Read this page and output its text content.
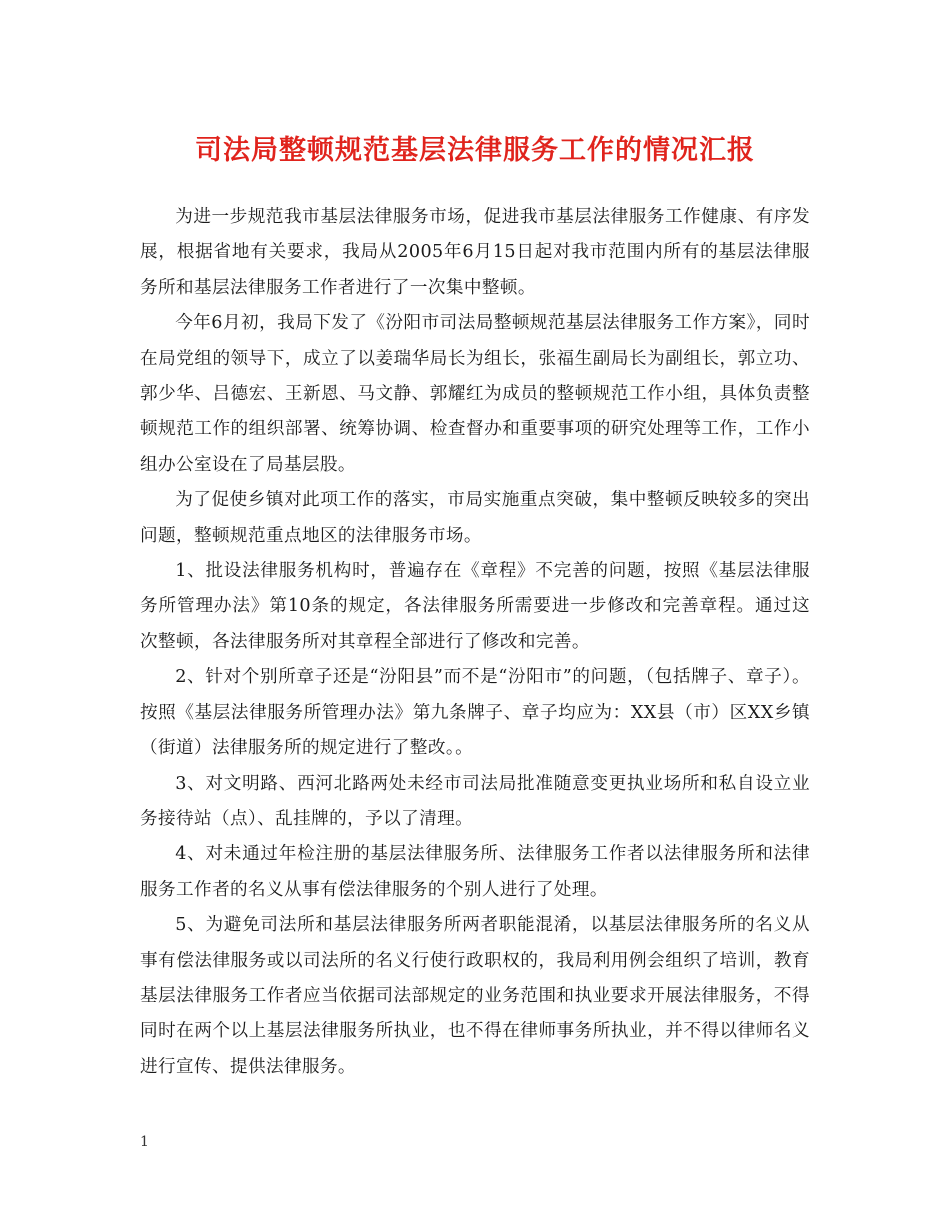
司法局整顿规范基层法律服务工作的情况汇报

为进一步规范我市基层法律服务市场，促进我市基层法律服务工作健康、有序发展，根据省地有关要求，我局从2005年6月15日起对我市范围内所有的基层法律服务所和基层法律服务工作者进行了一次集中整顿。

今年6月初，我局下发了《汾阳市司法局整顿规范基层法律服务工作方案》，同时在局党组的领导下，成立了以姜瑞华局长为组长，张福生副局长为副组长，郭立功、郭少华、吕德宏、王新恩、马文静、郭耀红为成员的整顿规范工作小组，具体负责整顿规范工作的组织部署、统筹协调、检查督办和重要事项的研究处理等工作，工作小组办公室设在了局基层股。

为了促使乡镇对此项工作的落实，市局实施重点突破，集中整顿反映较多的突出问题，整顿规范重点地区的法律服务市场。

1、批设法律服务机构时，普遍存在《章程》不完善的问题，按照《基层法律服务所管理办法》第10条的规定，各法律服务所需要进一步修改和完善章程。通过这次整顿，各法律服务所对其章程全部进行了修改和完善。

2、针对个别所章子还是“汾阳县”而不是“汾阳市”的问题，（包括牌子、章子）。按照《基层法律服务所管理办法》第九条牌子、章子均应为：XX县（市）区XX乡镇（街道）法律服务所的规定进行了整改。。

3、对文明路、西河北路两处未经市司法局批准随意变更执业场所和私自设立业务接待站（点）、乱挂牌的，予以了清理。

4、对未通过年检注册的基层法律服务所、法律服务工作者以法律服务所和法律服务工作者的名义从事有偿法律服务的个别人进行了处理。

5、为避免司法所和基层法律服务所两者职能混淆，以基层法律服务所的名义从事有偿法律服务或以司法所的名义行使行政职权的，我局利用例会组织了培训，教育基层法律服务工作者应当依据司法部规定的业务范围和执业要求开展法律服务，不得同时在两个以上基层法律服务所执业，也不得在律师事务所执业，并不得以律师名义进行宣传、提供法律服务。

1
